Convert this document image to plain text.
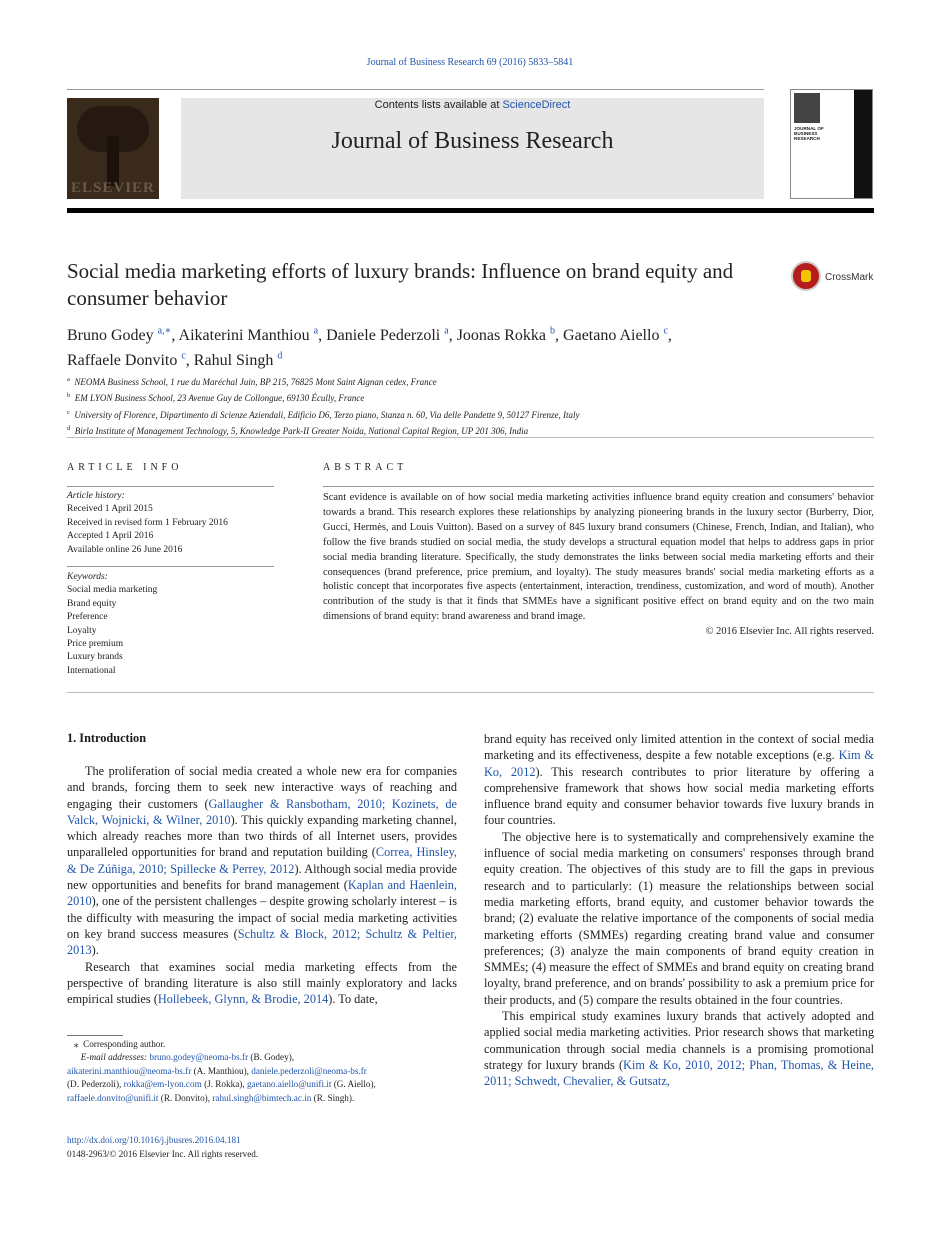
Journal of Business Research 69 (2016) 5833–5841
ELSEVIER
Contents lists available at ScienceDirect
Journal of Business Research	JOURNAL OF BUSINESS RESEARCH
Social media marketing efforts of luxury brands: Influence on brand equity and consumer behavior
CrossMark
Bruno Godey $^{a,∗}$, Aikaterini Manthiou $^a$, Daniele Pederzoli $^a$, Joonas Rokka $^b$, Gaetano Aiello $^c$,
Raffaele Donvito $^c$, Rahul Singh $^d$
$^a$ NEOMA Business School, 1 rue du Maréchal Juin, BP 215, 76825 Mont Saint Aignan cedex, France
$^b$ EM LYON Business School, 23 Avenue Guy de Collongue, 69130 Écully, France
$^c$ University of Florence, Dipartimento di Scienze Aziendali, Edificio D6, Terzo piano, Stanza n. 60, Via delle Pandette 9, 50127 Firenze, Italy
$^d$ Birla Institute of Management Technology, 5, Knowledge Park-II Greater Noida, National Capital Region, UP 201 306, India
ARTICLE INFO
Article history:
Received 1 April 2015
Received in revised form 1 February 2016
Accepted 1 April 2016
Available online 26 June 2016
Keywords:
Social media marketing
Brand equity
Preference
Loyalty
Price premium
Luxury brands
International
ABSTRACT
Scant evidence is available on of how social media marketing activities influence brand equity creation and consumers' behavior towards a brand. This research explores these relationships by analyzing pioneering brands in the luxury sector (Burberry, Dior, Gucci, Hermès, and Louis Vuitton). Based on a survey of 845 luxury brand consumers (Chinese, French, Indian, and Italian), who follow the five brands studied on social media, the study develops a structural equation model that helps to address gaps in prior social media branding literature. Specifically, the study demonstrates the links between social media marketing efforts and their consequences (brand preference, price premium, and loyalty). The study measures brands' social media marketing efforts as a holistic concept that incorporates five aspects (entertainment, interaction, trendiness, customization, and word of mouth). Another contribution of the study is that it finds that SMMEs have a significant positive effect on brand equity and on the two main dimensions of brand equity: brand awareness and brand image.
© 2016 Elsevier Inc. All rights reserved.
1. Introduction

The proliferation of social media created a whole new era for companies and brands, forcing them to seek new interactive ways of reaching and engaging their customers (Gallaugher & Ransbotham, 2010; Kozinets, de Valck, Wojnicki, & Wilner, 2010). This quickly expanding marketing channel, which already reaches more than two thirds of all Internet users, provides unparalleled opportunities for brand and reputation building (Correa, Hinsley, & De Zúñiga, 2010; Spillecke & Perrey, 2012). Although social media provide new opportunities and benefits for brand management (Kaplan and Haenlein, 2010), one of the persistent challenges – despite growing scholarly interest – is the difficulty with measuring the impact of social media marketing activities on key brand success measures (Schultz & Block, 2012; Schultz & Peltier, 2013).

Research that examines social media marketing effects from the perspective of branding literature is also still mainly exploratory and lacks empirical studies (Hollebeek, Glynn, & Brodie, 2014). To date,

brand equity has received only limited attention in the context of social media marketing and its effectiveness, despite a few notable exceptions (e.g. Kim & Ko, 2012). This research contributes to prior literature by offering a comprehensive framework that shows how social media marketing efforts influence brand equity and consumer behavior towards five luxury brands in four countries.

The objective here is to systematically and comprehensively examine the influence of social media marketing on consumers' responses through brand equity creation. The objectives of this study are to fill the gaps in previous research and to particularly: (1) measure the relationships between social media marketing efforts, brand equity, and customer behavior towards the brand; (2) evaluate the relative importance of the components of social media marketing efforts (SMMEs) regarding creating brand value and consumer preferences; (3) analyze the main components of brand equity creation in SMMEs; (4) measure the effect of SMMEs and brand equity on creating brand loyalty, brand preference, and on brands' possibility to ask a premium price for their products, and (5) compare the results obtained in the four countries.

This empirical study examines luxury brands that actively adopted and applied social media marketing activities. Prior research shows that marketing communication through social media channels is a promising promotional strategy for luxury brands (Kim & Ko, 2010, 2012; Phan, Thomas, & Heine, 2011; Schwedt, Chevalier, & Gutsatz,

⁎  Corresponding author.
E-mail addresses: bruno.godey@neoma-bs.fr (B. Godey),
aikaterini.manthiou@neoma-bs.fr (A. Manthiou), daniele.pederzoli@neoma-bs.fr
(D. Pederzoli), rokka@em-lyon.com (J. Rokka), gaetano.aiello@unifi.it (G. Aiello),
raffaele.donvito@unifi.it (R. Donvito), rahul.singh@bimtech.ac.in (R. Singh).
http://dx.doi.org/10.1016/j.jbusres.2016.04.181
0148-2963/© 2016 Elsevier Inc. All rights reserved.
